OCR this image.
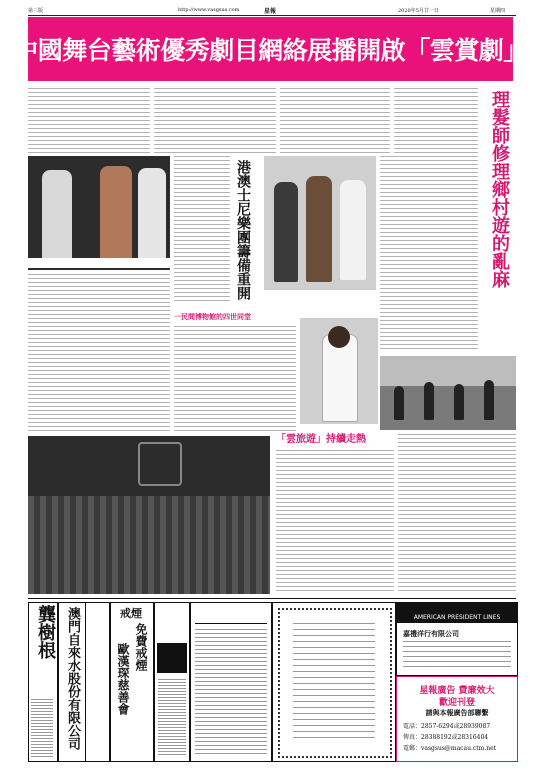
第三版	http://www.vasgsus.com	星報	2020年5月廿一日	星期四
中國舞台藝術優秀劇目網絡展播開啟「雲賞劇」
理髮師修理鄉村遊的亂麻
港澳士尼樂團籌備重開
一民間博物館的四世同堂
「雲旅遊」持續走熱
龔樹根 澳門自來水股份有限公司	戒煙
免費戒煙
歐漢琛慈善會
AMERICAN PRESIDENT LINES
嘉禮洋行有限公司
星報廣告 費廉效大
歡迎刊登
請與本報廣告部聯繫
電話：2857-6294或28939087
傳真：28388192或28316404
電郵：vasgsus@macau.ctm.net
